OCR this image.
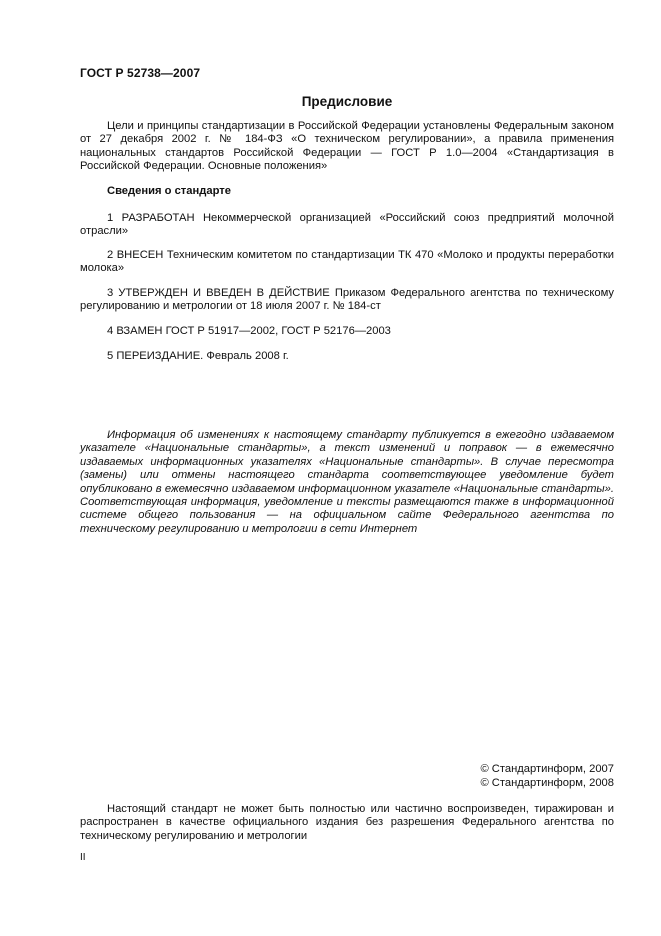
ГОСТ Р 52738—2007
Предисловие
Цели и принципы стандартизации в Российской Федерации установлены Федеральным законом от 27 декабря 2002 г. № 184-ФЗ «О техническом регулировании», а правила применения национальных стандартов Российской Федерации — ГОСТ Р 1.0—2004 «Стандартизация в Российской Федерации. Основные положения»
Сведения о стандарте
1 РАЗРАБОТАН Некоммерческой организацией «Российский союз предприятий молочной отрасли»
2 ВНЕСЕН Техническим комитетом по стандартизации ТК 470 «Молоко и продукты переработки молока»
3 УТВЕРЖДЕН И ВВЕДЕН В ДЕЙСТВИЕ Приказом Федерального агентства по техническому регулированию и метрологии от 18 июля 2007 г. № 184-ст
4 ВЗАМЕН ГОСТ Р 51917—2002, ГОСТ Р 52176—2003
5 ПЕРЕИЗДАНИЕ. Февраль 2008 г.
Информация об изменениях к настоящему стандарту публикуется в ежегодно издаваемом указателе «Национальные стандарты», а текст изменений и поправок — в ежемесячно издаваемых информационных указателях «Национальные стандарты». В случае пересмотра (замены) или отмены настоящего стандарта соответствующее уведомление будет опубликовано в ежемесячно издаваемом информационном указателе «Национальные стандарты». Соответствующая информация, уведомление и тексты размещаются также в информационной системе общего пользования — на официальном сайте Федерального агентства по техническому регулированию и метрологии в сети Интернет
© Стандартинформ, 2007
© Стандартинформ, 2008
Настоящий стандарт не может быть полностью или частично воспроизведен, тиражирован и распространен в качестве официального издания без разрешения Федерального агентства по техническому регулированию и метрологии
II
